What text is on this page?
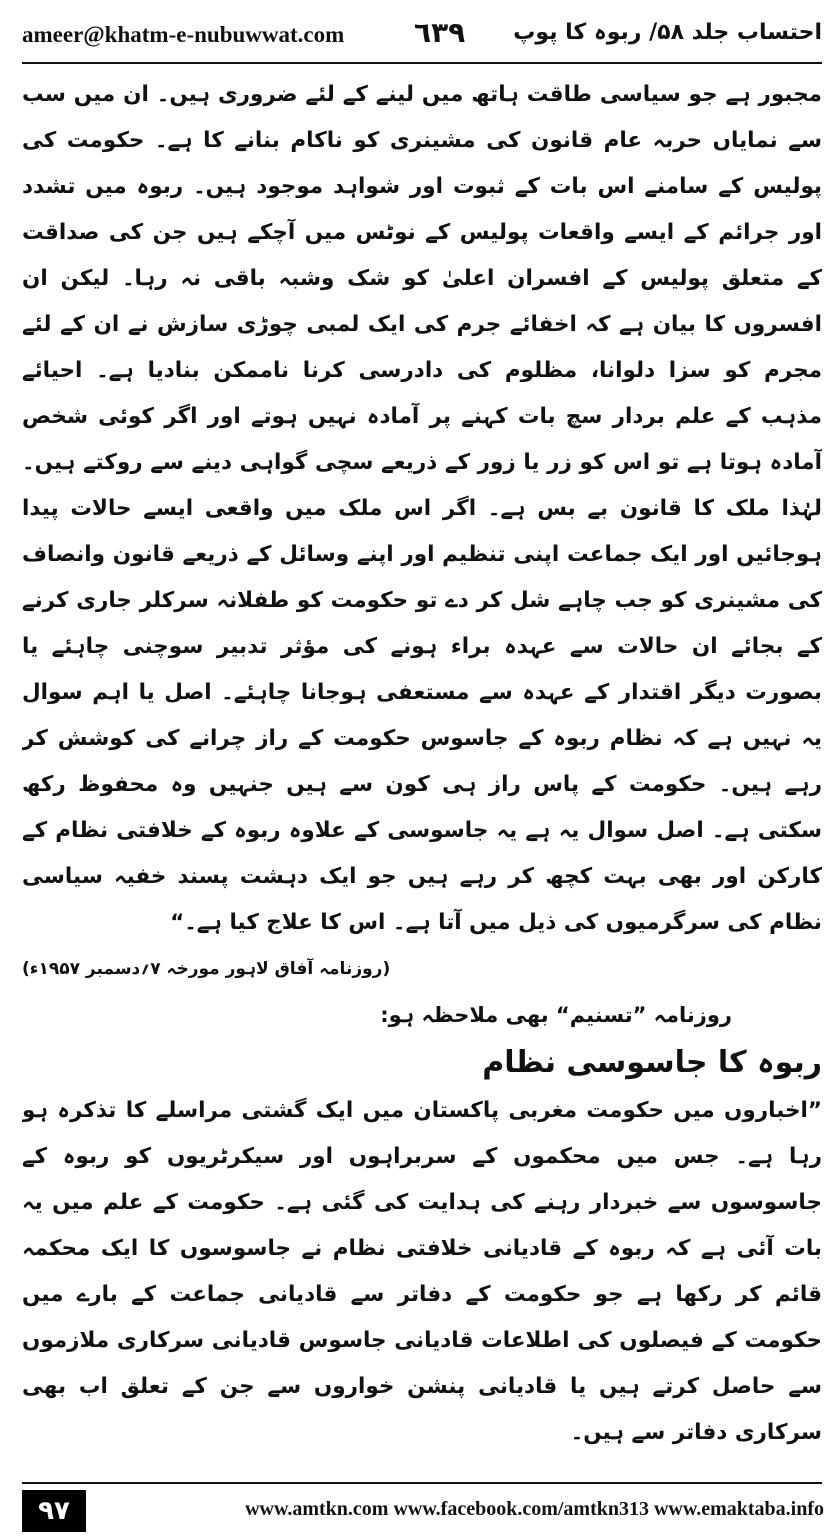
ameer@khatm-e-nubuwwat.com ٦٣٩ احتساب جلد ۵۸/ ربوہ کا پوپ

مجبور ہے جو سیاسی طاقت ہاتھ میں لینے کے لئے ضروری ہیں۔ ان میں سب سے نمایاں حربہ عام قانون کی مشینری کو ناکام بنانے کا ہے۔ حکومت کی پولیس کے سامنے اس بات کے ثبوت اور شواہد موجود ہیں۔ ربوہ میں تشدد اور جرائم کے ایسے واقعات پولیس کے نوٹس میں آچکے ہیں جن کی صداقت کے متعلق پولیس کے افسران اعلیٰ کو شک وشبہ باقی نہ رہا۔ لیکن ان افسروں کا بیان ہے کہ اخفائے جرم کی ایک لمبی چوڑی سازش نے ان کے لئے مجرم کو سزا دلوانا، مظلوم کی دادرسی کرنا ناممکن بنادیا ہے۔ احیائے مذہب کے علم بردار سچ بات کہنے پر آمادہ نہیں ہوتے اور اگر کوئی شخص آمادہ ہوتا ہے تو اس کو زر یا زور کے ذریعے سچی گواہی دینے سے روکتے ہیں۔ لہٰذا ملک کا قانون بے بس ہے۔ اگر اس ملک میں واقعی ایسے حالات پیدا ہوجائیں اور ایک جماعت اپنی تنظیم اور اپنے وسائل کے ذریعے قانون وانصاف کی مشینری کو جب چاہے شل کر دے تو حکومت کو طفلانہ سرکلر جاری کرنے کے بجائے ان حالات سے عہدہ براء ہونے کی مؤثر تدبیر سوچنی چاہئے یا بصورت دیگر اقتدار کے عہدہ سے مستعفی ہوجانا چاہئے۔ اصل یا اہم سوال یہ نہیں ہے کہ نظام ربوہ کے جاسوس حکومت کے راز چرانے کی کوشش کر رہے ہیں۔ حکومت کے پاس راز ہی کون سے ہیں جنہیں وہ محفوظ رکھ سکتی ہے۔ اصل سوال یہ ہے یہ جاسوسی کے علاوہ ربوہ کے خلافتی نظام کے کارکن اور بھی بہت کچھ کر رہے ہیں جو ایک دہشت پسند خفیہ سیاسی نظام کی سرگرمیوں کی ذیل میں آتا ہے۔ اس کا علاج کیا ہے۔“

(روزنامہ آفاق لاہور مورخہ ۷؍دسمبر ۱۹۵۷ء)

روزنامہ ”تسنیم“ بھی ملاحظہ ہو:

ربوہ کا جاسوسی نظام

”اخباروں میں حکومت مغربی پاکستان میں ایک گشتی مراسلے کا تذکرہ ہو رہا ہے۔ جس میں محکموں کے سربراہوں اور سیکرٹریوں کو ربوہ کے جاسوسوں سے خبردار رہنے کی ہدایت کی گئی ہے۔ حکومت کے علم میں یہ بات آئی ہے کہ ربوہ کے قادیانی خلافتی نظام نے جاسوسوں کا ایک محکمہ قائم کر رکھا ہے جو حکومت کے دفاتر سے قادیانی جماعت کے بارے میں حکومت کے فیصلوں کی اطلاعات قادیانی جاسوس قادیانی سرکاری ملازموں سے حاصل کرتے ہیں یا قادیانی پنشن خواروں سے جن کے تعلق اب بھی سرکاری دفاتر سے ہیں۔

٩٧	www.amtkn.com www.facebook.com/amtkn313 www.emaktaba.info
